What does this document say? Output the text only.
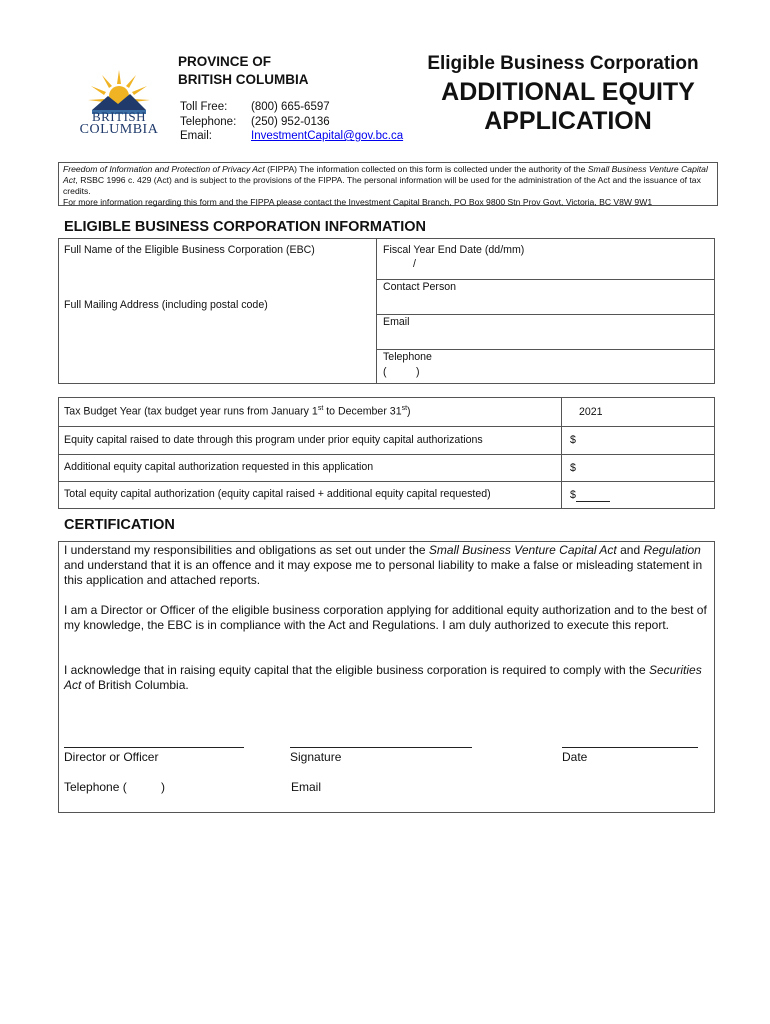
BRITISH
COLUMBIA
PROVINCE OF
BRITISH COLUMBIA
Toll Free: (800) 665-6597
Telephone: (250) 952-0136
Email:	InvestmentCapital@gov.bc.ca
Eligible Business Corporation
ADDITIONAL EQUITY
APPLICATION
Freedom of Information and Protection of Privacy Act (FIPPA) The information collected on this form is collected under the authority of the Small Business Venture Capital Act, RSBC 1996 c. 429 (Act) and is subject to the provisions of the FIPPA. The personal information will be used for the administration of the Act and the issuance of tax credits.
For more information regarding this form and the FIPPA please contact the Investment Capital Branch, PO Box 9800 Stn Prov Govt, Victoria, BC V8W 9W1
ELIGIBLE BUSINESS CORPORATION INFORMATION
Full Name of the Eligible Business Corporation (EBC)
Full Mailing Address (including postal code)
Fiscal Year End Date (dd/mm)
/
Contact Person
Email
Telephone
(          )
Tax Budget Year (tax budget year runs from January 1st to December 31st)	2021
Equity capital raised to date through this program under prior equity capital authorizations	$
Additional equity capital authorization requested in this application	$
Total equity capital authorization (equity capital raised + additional equity capital requested)	$
CERTIFICATION
I understand my responsibilities and obligations as set out under the Small Business Venture Capital Act and Regulation and understand that it is an offence and it may expose me to personal liability to make a false or misleading statement in this application and attached reports.
I am a Director or Officer of the eligible business corporation applying for additional equity authorization and to the best of my knowledge, the EBC is in compliance with the Act and Regulations. I am duly authorized to execute this report.
I acknowledge that in raising equity capital that the eligible business corporation is required to comply with the Securities Act of British Columbia.
Director or Officer	Signature	Date
Telephone (	)	Email
